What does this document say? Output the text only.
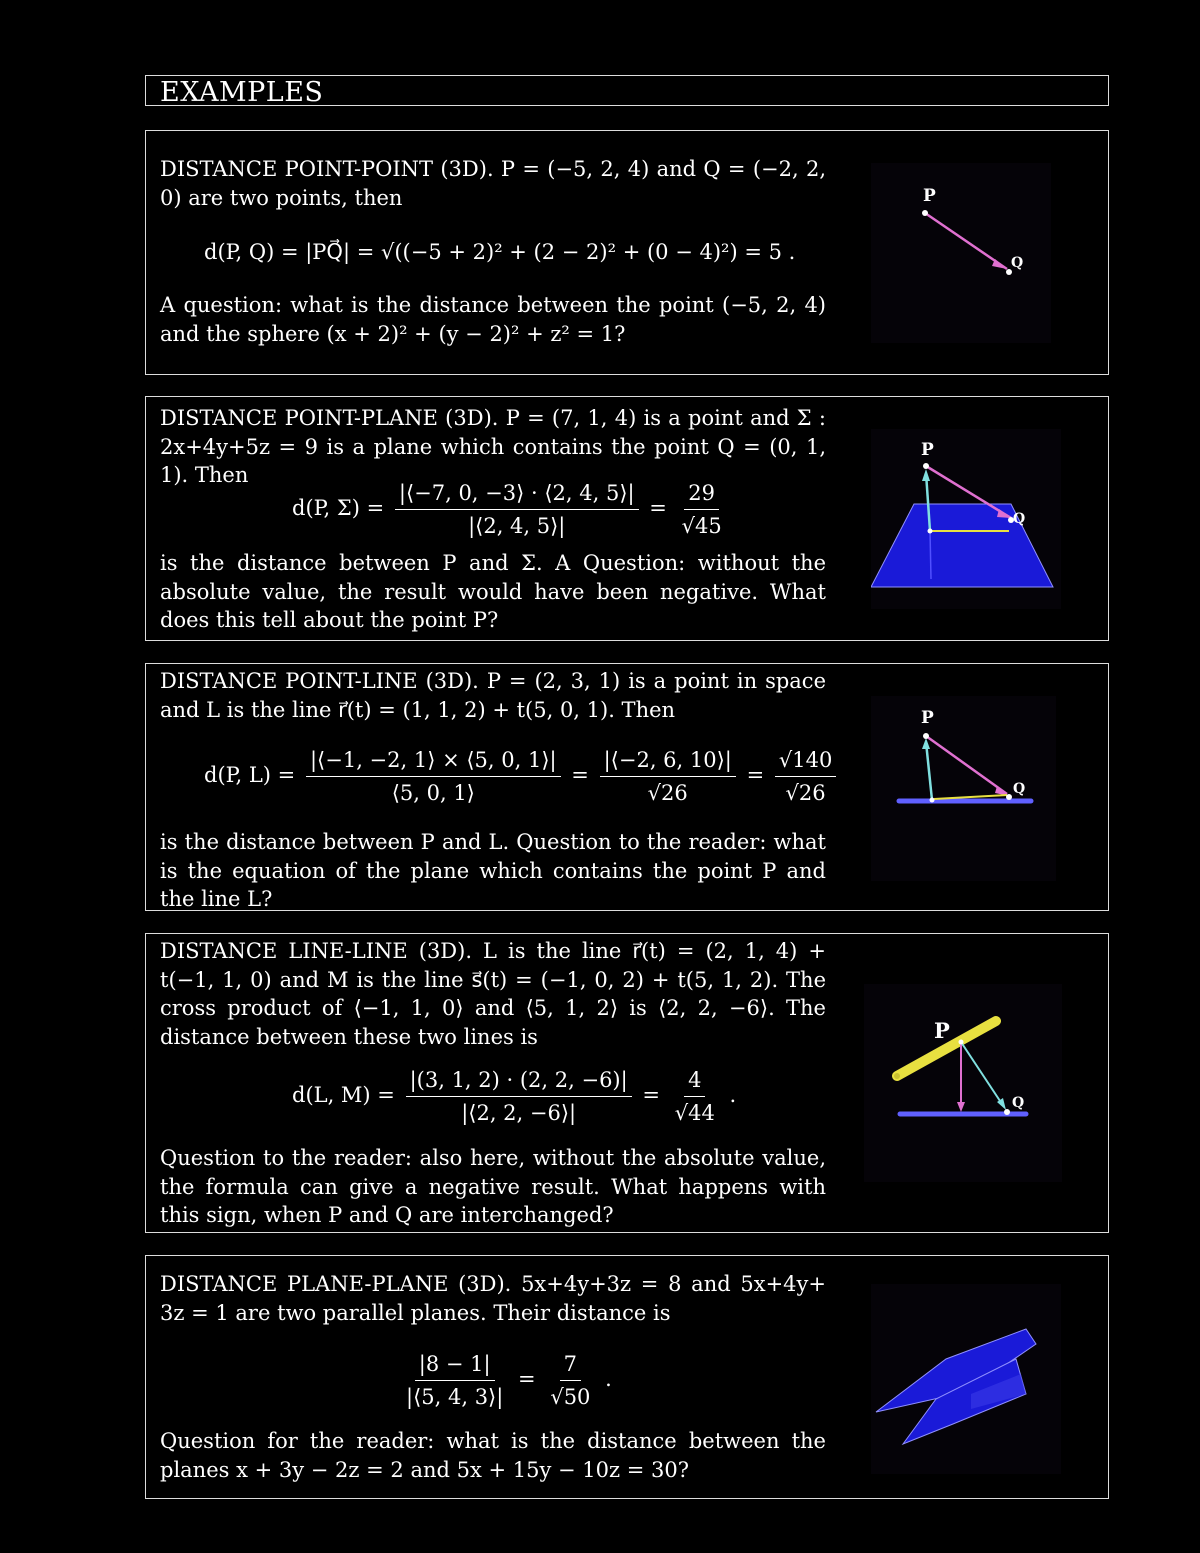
EXAMPLES
DISTANCE POINT-POINT (3D). P = (−5, 2, 4) and Q = (−2, 2, 0) are two points, then
d(P, Q) = |PQ⃗| = √((−5 + 2)² + (2 − 2)² + (0 − 4)²) = 5 .
A question: what is the distance between the point (−5, 2, 4) and the sphere (x + 2)² + (y − 2)² + z² = 1?
P
Q
DISTANCE POINT-PLANE (3D). P = (7, 1, 4) is a point and Σ : 2x+4y+5z = 9 is a plane which contains the point Q = (0, 1, 1). Then
d(P, $\Sigma) = \frac{|⟨-7, 0, -3⟩ \cdot ⟨2, 4, 5⟩|}{|⟨2, 4, 5⟩|} = \frac{29}{√45}$
is the distance between P and Σ. A Question: without the absolute value, the result would have been negative. What does this tell about the point P?
P
Q
DISTANCE POINT-LINE (3D). P = (2, 3, 1) is a point in space and L is the line r⃗(t) = (1, 1, 2) + t(5, 0, 1). Then
d(P, $L) = \frac{|⟨-1, -2, 1⟩ \times ⟨5, 0, 1⟩|}{⟨5, 0, 1⟩} = \frac{|⟨-2, 6, 10⟩|}{√26} = \frac{√140}{√26}$
is the distance between P and L. Question to the reader: what is the equation of the plane which contains the point P and the line L?
P
Q
DISTANCE LINE-LINE (3D). L is the line r⃗(t) = (2, 1, 4) + t(−1, 1, 0) and M is the line s⃗(t) = (−1, 0, 2) + t(5, 1, 2). The cross product of ⟨−1, 1, 0⟩ and ⟨5, 1, 2⟩ is ⟨2, 2, −6⟩. The distance between these two lines is
d(L, $M) = \frac{|(3, 1, 2) \cdot (2, 2, -6)|}{|⟨2, 2, -6⟩|} = \frac{4}{√44}$ .
Question to the reader: also here, without the absolute value, the formula can give a negative result. What happens with this sign, when P and Q are interchanged?
P
Q
DISTANCE PLANE-PLANE (3D). 5x+4y+3z = 8 and 5x+4y+ 3z = 1 are two parallel planes. Their distance is
$\frac{|8 - 1|}{|⟨5, 4, 3⟩|} = \frac{7}{√50}$ .
Question for the reader: what is the distance between the planes x + 3y − 2z = 2 and 5x + 15y − 10z = 30?
